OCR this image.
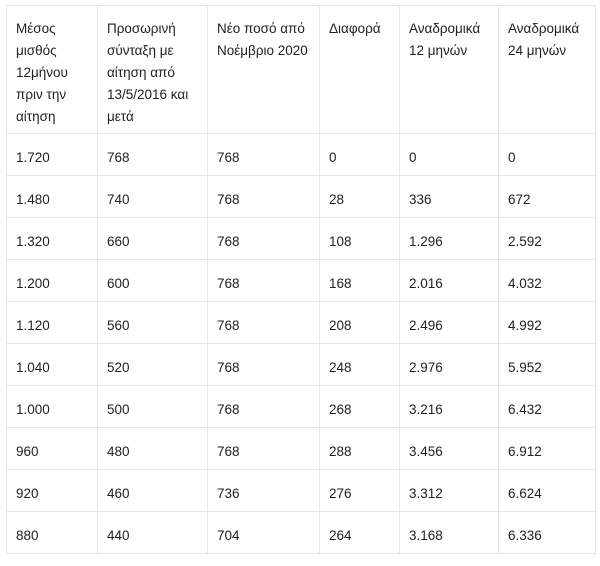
Μέσος μισθός 12μήνου πριν την αίτηση	Προσωρινή σύνταξη με αίτηση από 13/5/2016 και μετά	Νέο ποσό από Νοέμβριο 2020	Διαφορά	Αναδρομικά 12 μηνών	Αναδρομικά 24 μηνών
1.720	768	768	0	0	0
1.480	740	768	28	336	672
1.320	660	768	108	1.296	2.592
1.200	600	768	168	2.016	4.032
1.120	560	768	208	2.496	4.992
1.040	520	768	248	2.976	5.952
1.000	500	768	268	3.216	6.432
960	480	768	288	3.456	6.912
920	460	736	276	3.312	6.624
880	440	704	264	3.168	6.336
